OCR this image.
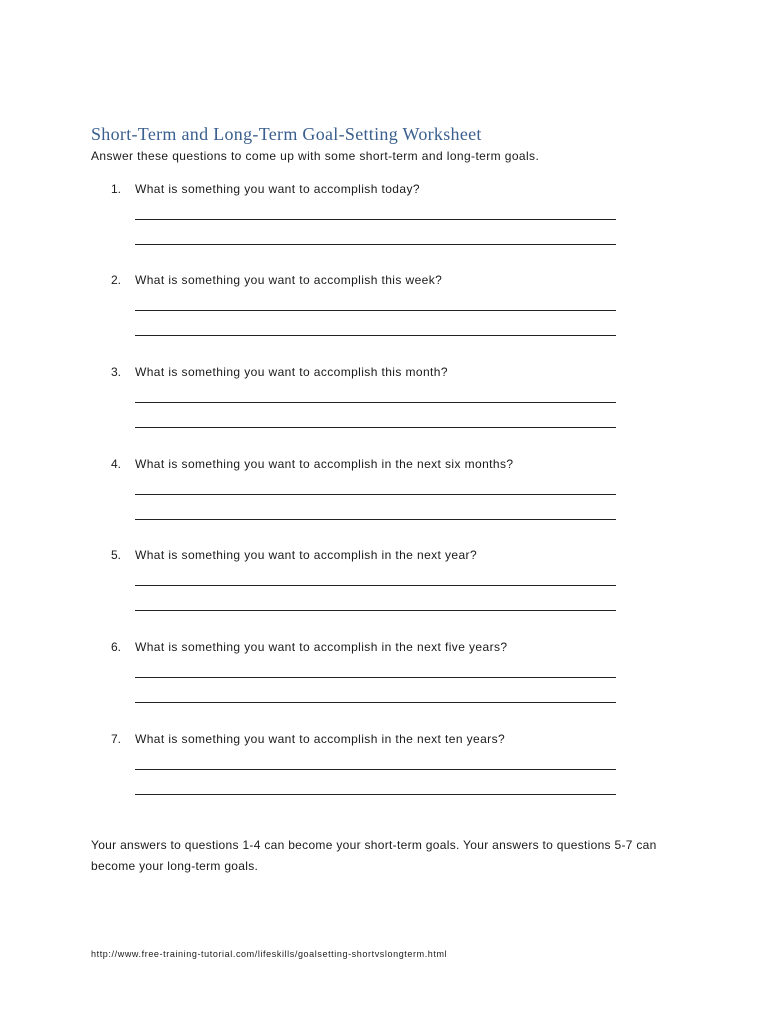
Short-Term and Long-Term Goal-Setting Worksheet
Answer these questions to come up with some short-term and long-term goals.
1. What is something you want to accomplish today?
2. What is something you want to accomplish this week?
3. What is something you want to accomplish this month?
4. What is something you want to accomplish in the next six months?
5. What is something you want to accomplish in the next year?
6. What is something you want to accomplish in the next five years?
7. What is something you want to accomplish in the next ten years?
Your answers to questions 1-4 can become your short-term goals. Your answers to questions 5-7 can become your long-term goals.
http://www.free-training-tutorial.com/lifeskills/goalsetting-shortvslongterm.html
